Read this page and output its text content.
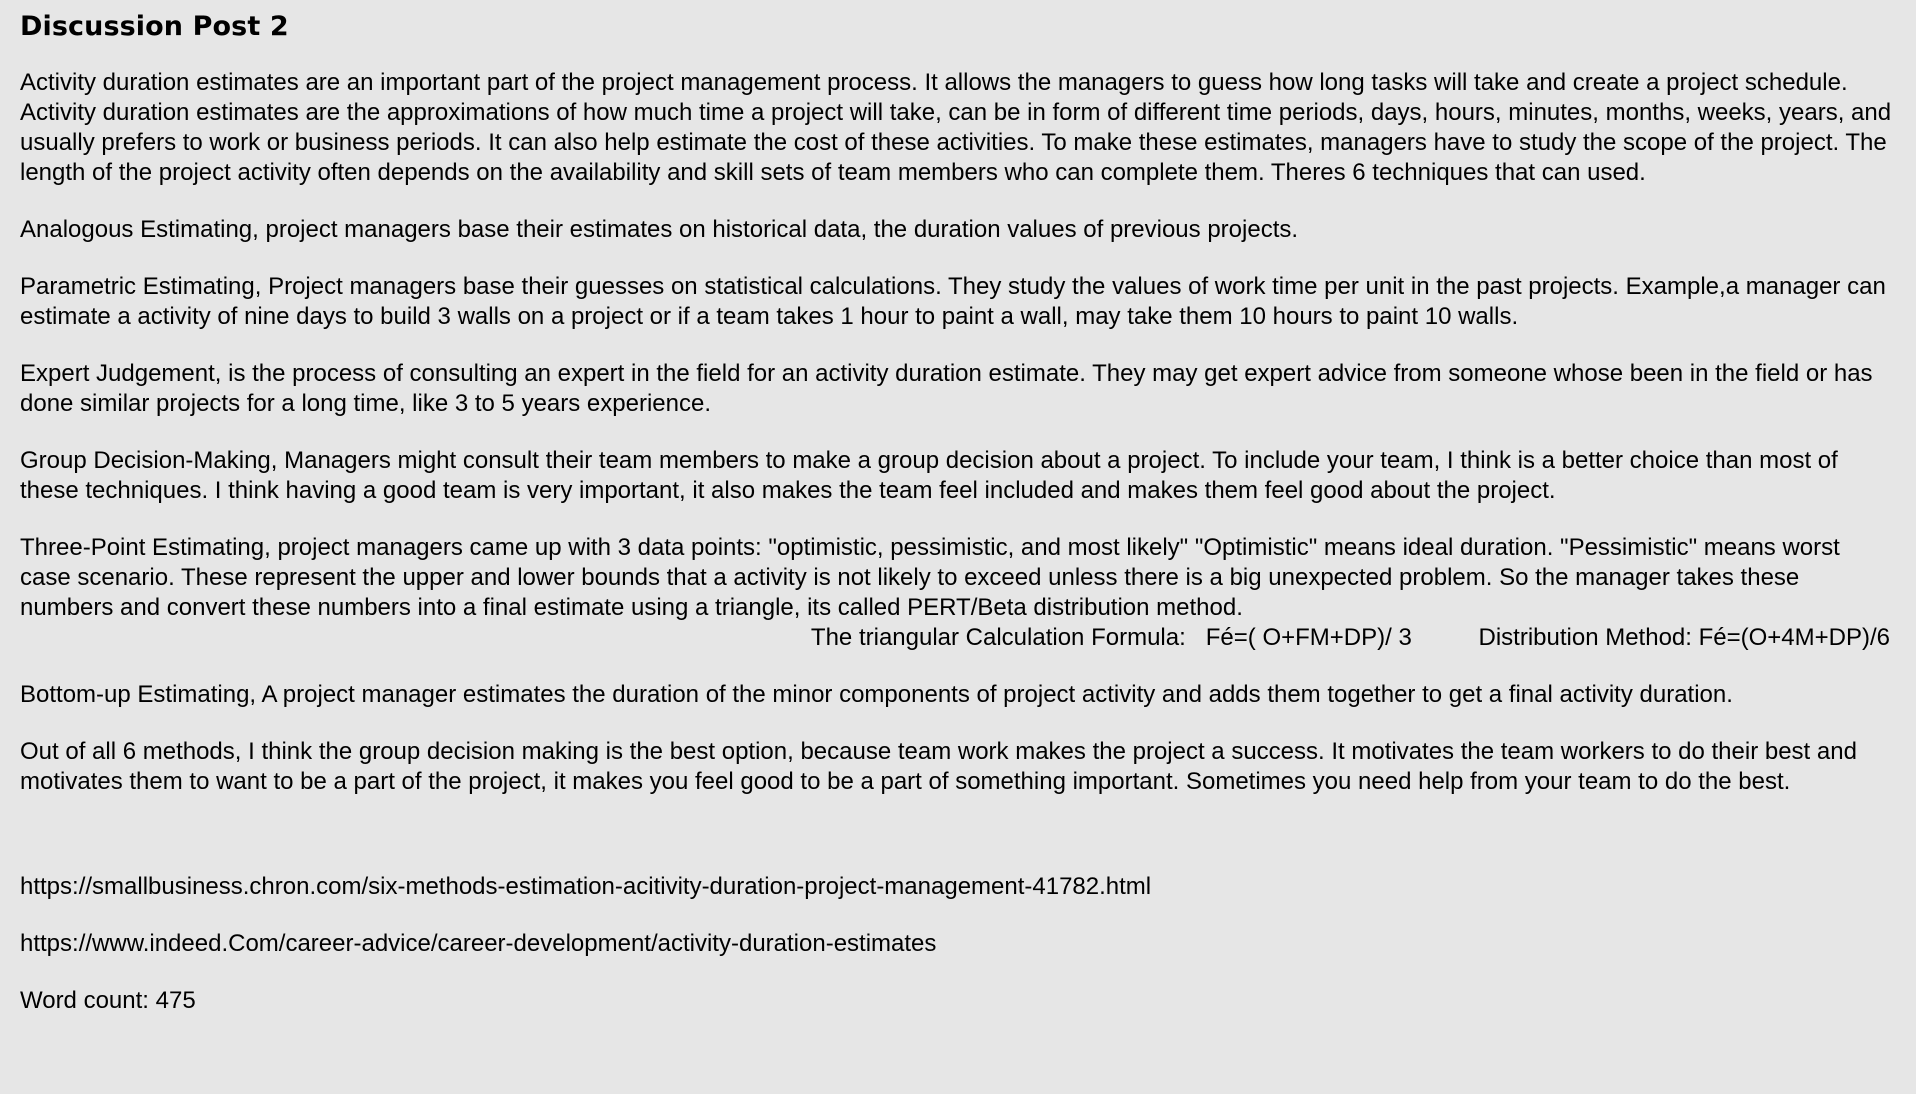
Discussion Post 2

Activity duration estimates are an important part of the project management process. It allows the managers to guess how long tasks will take and create a project schedule. Activity duration estimates are the approximations of how much time a project will take, can be in form of different time periods, days, hours, minutes, months, weeks, years, and usually prefers to work or business periods. It can also help estimate the cost of these activities. To make these estimates, managers have to study the scope of the project. The length of the project activity often depends on the availability and skill sets of team members who can complete them. Theres 6 techniques that can used.

Analogous Estimating, project managers base their estimates on historical data, the duration values of previous projects.

Parametric Estimating, Project managers base their guesses on statistical calculations. They study the values of work time per unit in the past projects. Example,a manager can estimate a activity of nine days to build 3 walls on a project or if a team takes 1 hour to paint a wall, may take them 10 hours to paint 10 walls.

Expert Judgement, is the process of consulting an expert in the field for an activity duration estimate. They may get expert advice from someone whose been in the field or has done similar projects for a long time, like 3 to 5 years experience.

Group Decision-Making, Managers might consult their team members to make a group decision about a project. To include your team, I think is a better choice than most of these techniques. I think having a good team is very important, it also makes the team feel included and makes them feel good about the project.

Three-Point Estimating, project managers came up with 3 data points: "optimistic, pessimistic, and most likely" "Optimistic" means ideal duration. "Pessimistic" means worst case scenario. These represent the upper and lower bounds that a activity is not likely to exceed unless there is a big unexpected problem. So the manager takes these numbers and convert these numbers into a final estimate using a triangle, its called PERT/Beta distribution method.
The triangular Calculation Formula:   Fé=( O+FM+DP)/ 3          Distribution Method: Fé=(O+4M+DP)/6

Bottom-up Estimating, A project manager estimates the duration of the minor components of project activity and adds them together to get a final activity duration.

Out of all 6 methods, I think the group decision making is the best option, because team work makes the project a success. It motivates the team workers to do their best and motivates them to want to be a part of the project, it makes you feel good to be a part of something important. Sometimes you need help from your team to do the best.

https://smallbusiness.chron.com/six-methods-estimation-acitivity-duration-project-management-41782.html
https://www.indeed.Com/career-advice/career-development/activity-duration-estimates

Word count: 475
